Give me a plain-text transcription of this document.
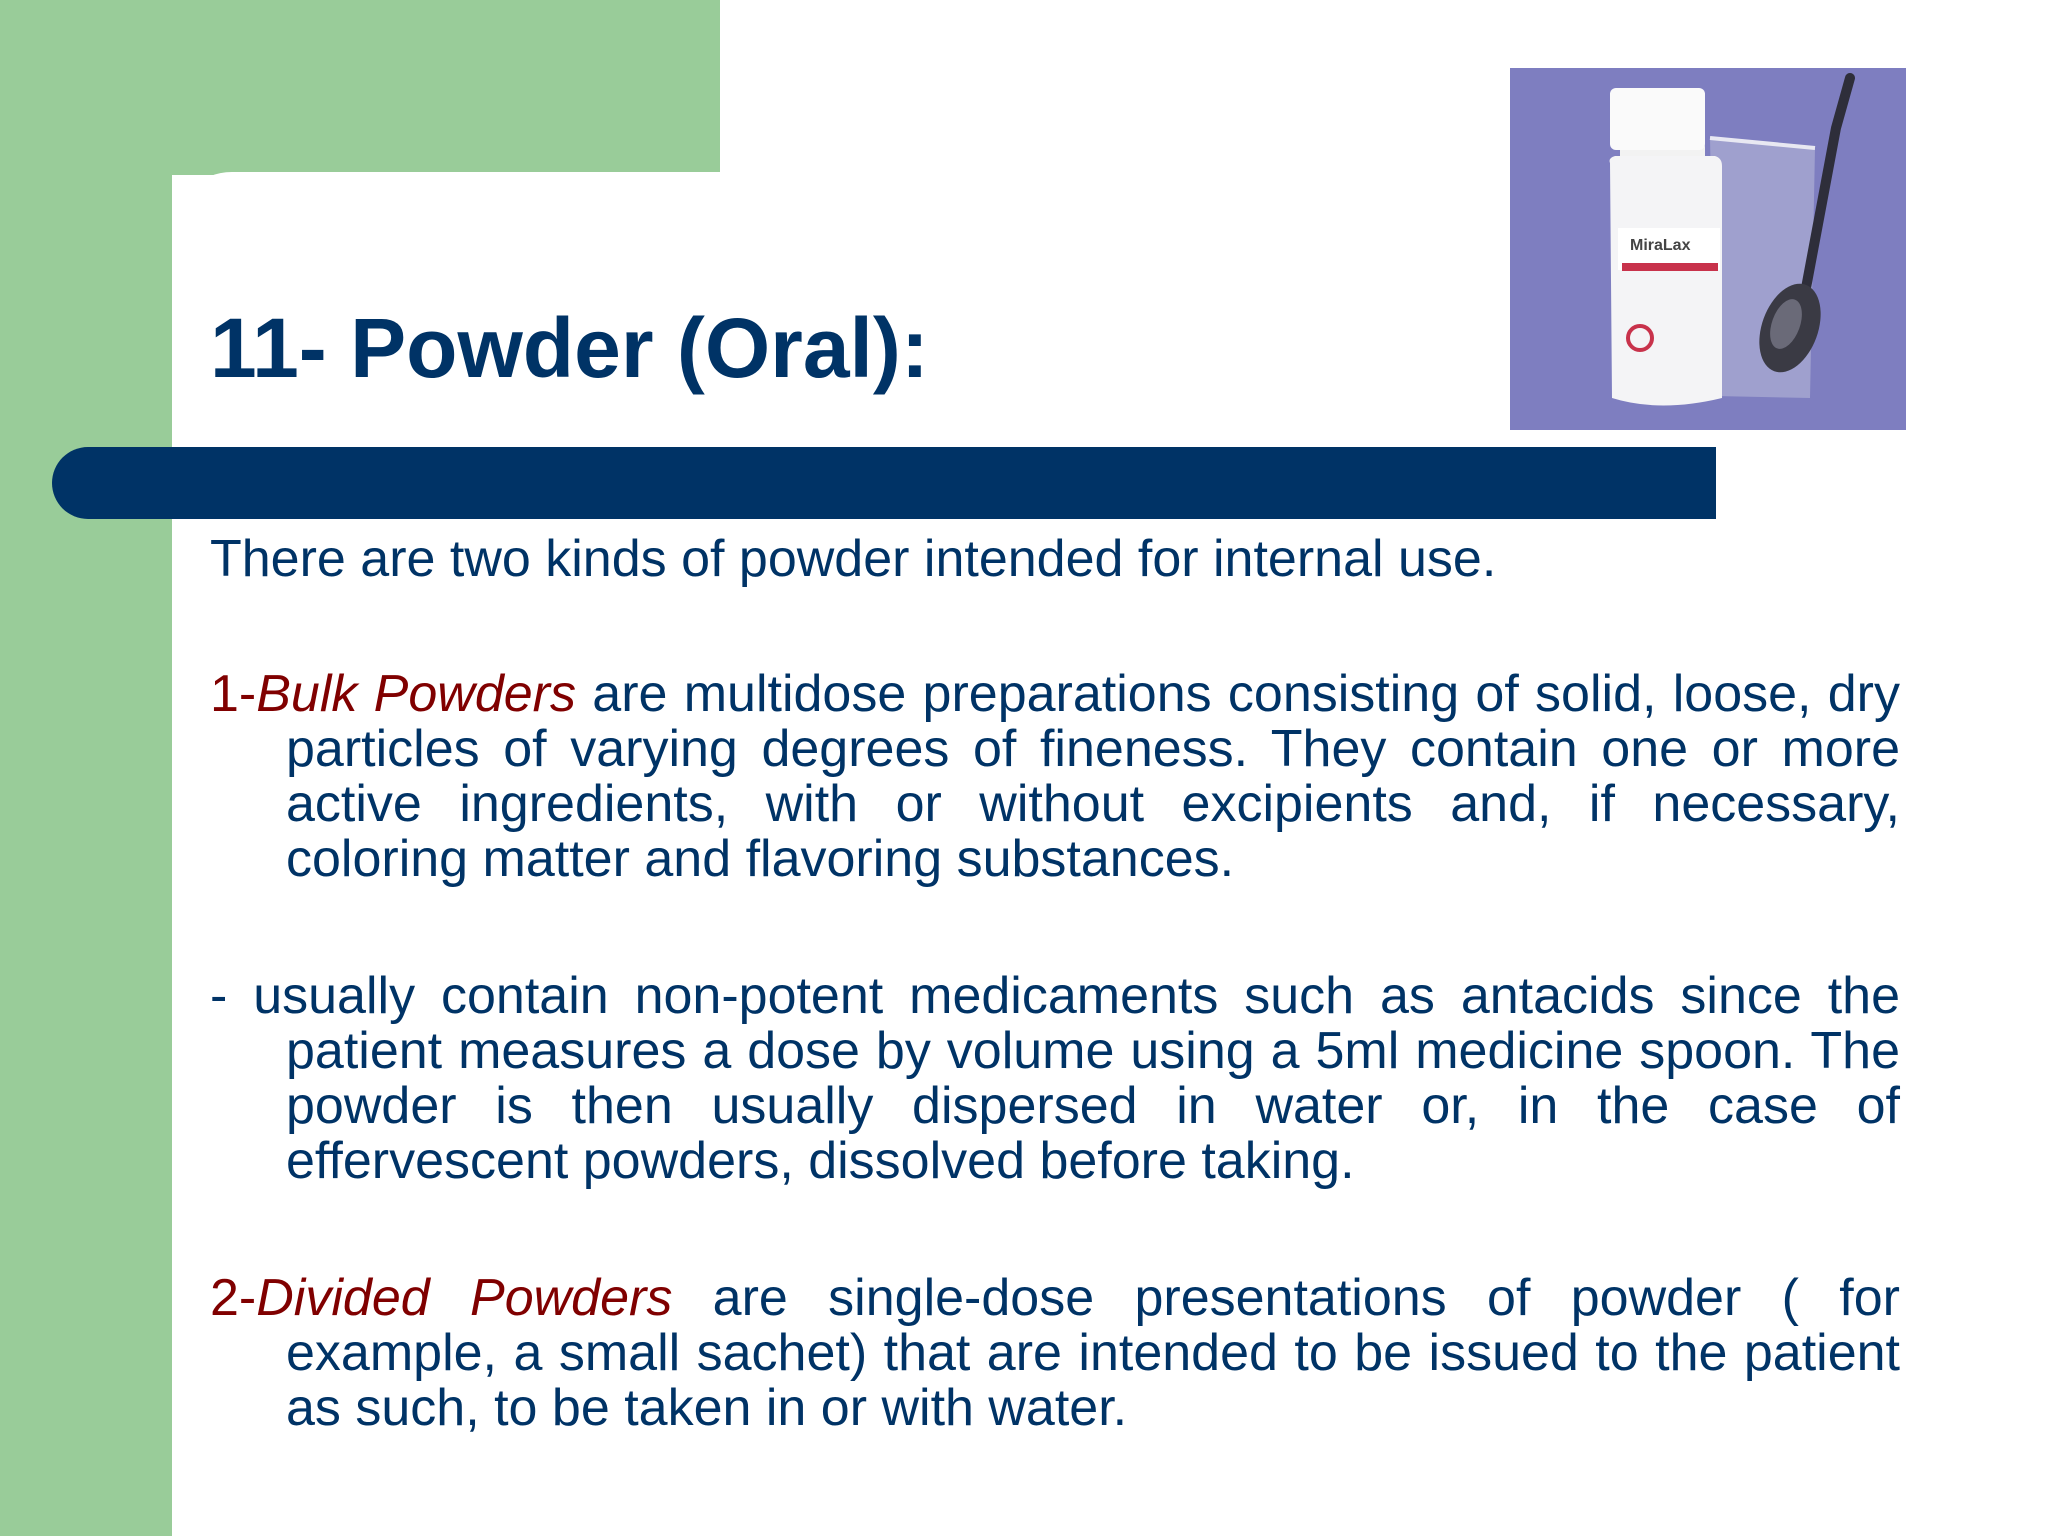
MiraLax
11- Powder (Oral):

There are two kinds of powder intended for internal use.

1-Bulk Powders are multidose preparations consisting of solid, loose, dry particles of varying degrees of fineness. They contain one or more active ingredients, with or without excipients and, if necessary, coloring matter and flavoring substances.

- usually contain non-potent medicaments such as antacids since the patient measures a dose by volume using a 5ml medicine spoon. The powder is then usually dispersed in water or, in the case of effervescent powders, dissolved before taking.

2-Divided Powders are single-dose presentations of powder ( for example, a small sachet) that are intended to be issued to the patient as such, to be taken in or with water.
